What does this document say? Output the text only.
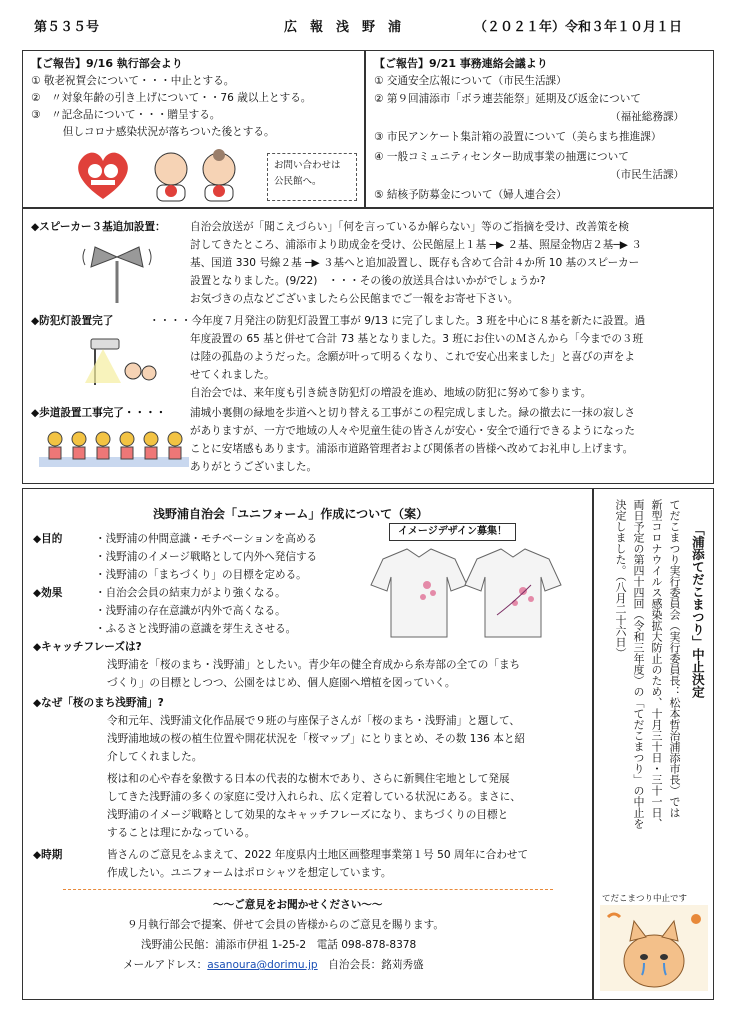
第５３５号	広　報　浅　野　浦	（２０２１年）令和３年１０月１日
【ご報告】9/16 執行部会より
① 敬老祝賀会について・・・中止とする。
②　〃対象年齢の引き上げについて・・76 歳以上とする。
③　〃記念品について・・・贈呈する。
　　　但しコロナ感染状況が落ちついた後とする。
お問い合わせは
公民館へ。
【ご報告】9/21 事務連絡会議より
① 交通安全広報について（市民生活課）
② 第９回浦添市「ボラ連芸能祭」延期及び返金について
（福祉総務課）
③ 市民アンケート集計箱の設置について（美らまち推進課）
④ 一般コミュニティセンター助成事業の抽選について
（市民生活課）
⑤ 結核予防募金について（婦人連合会）
◆スピーカー３基追加設置： 自治会放送が「聞こえづらい」「何を言っているか解らない」等のご指摘を受け、改善策を検
討してきたところ、浦添市より助成金を受け、公民館屋上１基 ─▶ ２基、照屋金物店２基─▶ ３
基、国道 330 号線２基 ─▶ ３基へと追加設置し、既存も含めて合計４か所 10 基のスピーカー
設置となりました。(9/22)　・・・その後の放送具合はいかがでしょうか?
お気づきの点などございましたら公民館までご一報をお寄せ下さい。
◆防犯灯設置完了	・・・・今年度７月発注の防犯灯設置工事が 9/13 に完了しました。3 班を中心に８基を新たに設置。過
年度設置の 65 基と併せて合計 73 基となりました。3 班にお住いのＭさんから「今までの３班
は陸の孤島のようだった。念願が叶って明るくなり、これで安心出来ました」と喜びの声をよ
せてくれました。
自治会では、来年度も引き続き防犯灯の増設を進め、地域の防犯に努めて参ります。
◆歩道設置工事完了・・・・ 浦城小裏側の緑地を歩道へと切り替える工事がこの程完成しました。緑の撤去に一抹の寂しさ
がありますが、一方で地域の人々や児童生徒の皆さんが安心・安全で通行できるようになった
ことに安堵感もあります。浦添市道路管理者および関係者の皆様へ改めてお礼申し上げます。
ありがとうございました。
浅野浦自治会「ユニフォーム」作成について（案）
◆目的	・浅野浦の仲間意識・モチベーションを高める
・浅野浦のイメージ戦略として内外へ発信する
・浅野浦の「まちづくり」の目標を定める。
◆効果	・自治会会員の結束力がより強くなる。
・浅野浦の存在意識が内外で高くなる。
・ふるさと浅野浦の意識を芽生えさせる。
イメージデザイン募集！
◆キャッチフレーズは?
浅野浦を「桜のまち・浅野浦」としたい。青少年の健全育成から糸寿部の全ての「まち
づくり」の目標としつつ、公園をはじめ、個人庭園へ増植を図っていく。
◆なぜ「桜のまち浅野浦」?
令和元年、浅野浦文化作品展で９班の与座保子さんが「桜のまち・浅野浦」と題して、
浅野浦地域の桜の植生位置や開花状況を「桜マップ」にとりまとめ、その数 136 本と紹
介してくれました。
桜は和の心や春を象徴する日本の代表的な樹木であり、さらに新興住宅地として発展
してきた浅野浦の多くの家庭に受け入れられ、広く定着している状況にある。まさに、
浅野浦のイメージ戦略として効果的なキャッチフレーズになり、まちづくりの目標と
することは理にかなっている。
◆時期	皆さんのご意見をふまえて、2022 年度県内土地区画整理事業第１号 50 周年に合わせて
作成したい。ユニフォームはポロシャツを想定しています。
～～ご意見をお聞かせください～～
９月執行部会で提案、併せて会員の皆様からのご意見を賜ります。
浅野浦公民館：浦添市伊祖 1-25-2　電話 098-878-8378
メールアドレス：asanoura@dorimu.jp　自治会長：銘苅秀盛
「浦添てだこまつり」中止決定
てだこまつり実行委員会（実行委員長：松本哲治浦添市長）では
新型コロナウイルス感染拡大防止のため、十月三十日・三十一日、
両日予定の第四十四回（令和三年度）の「てだこまつり」の中止を
決定しました。（八月二十六日）
てだこまつり中止です
